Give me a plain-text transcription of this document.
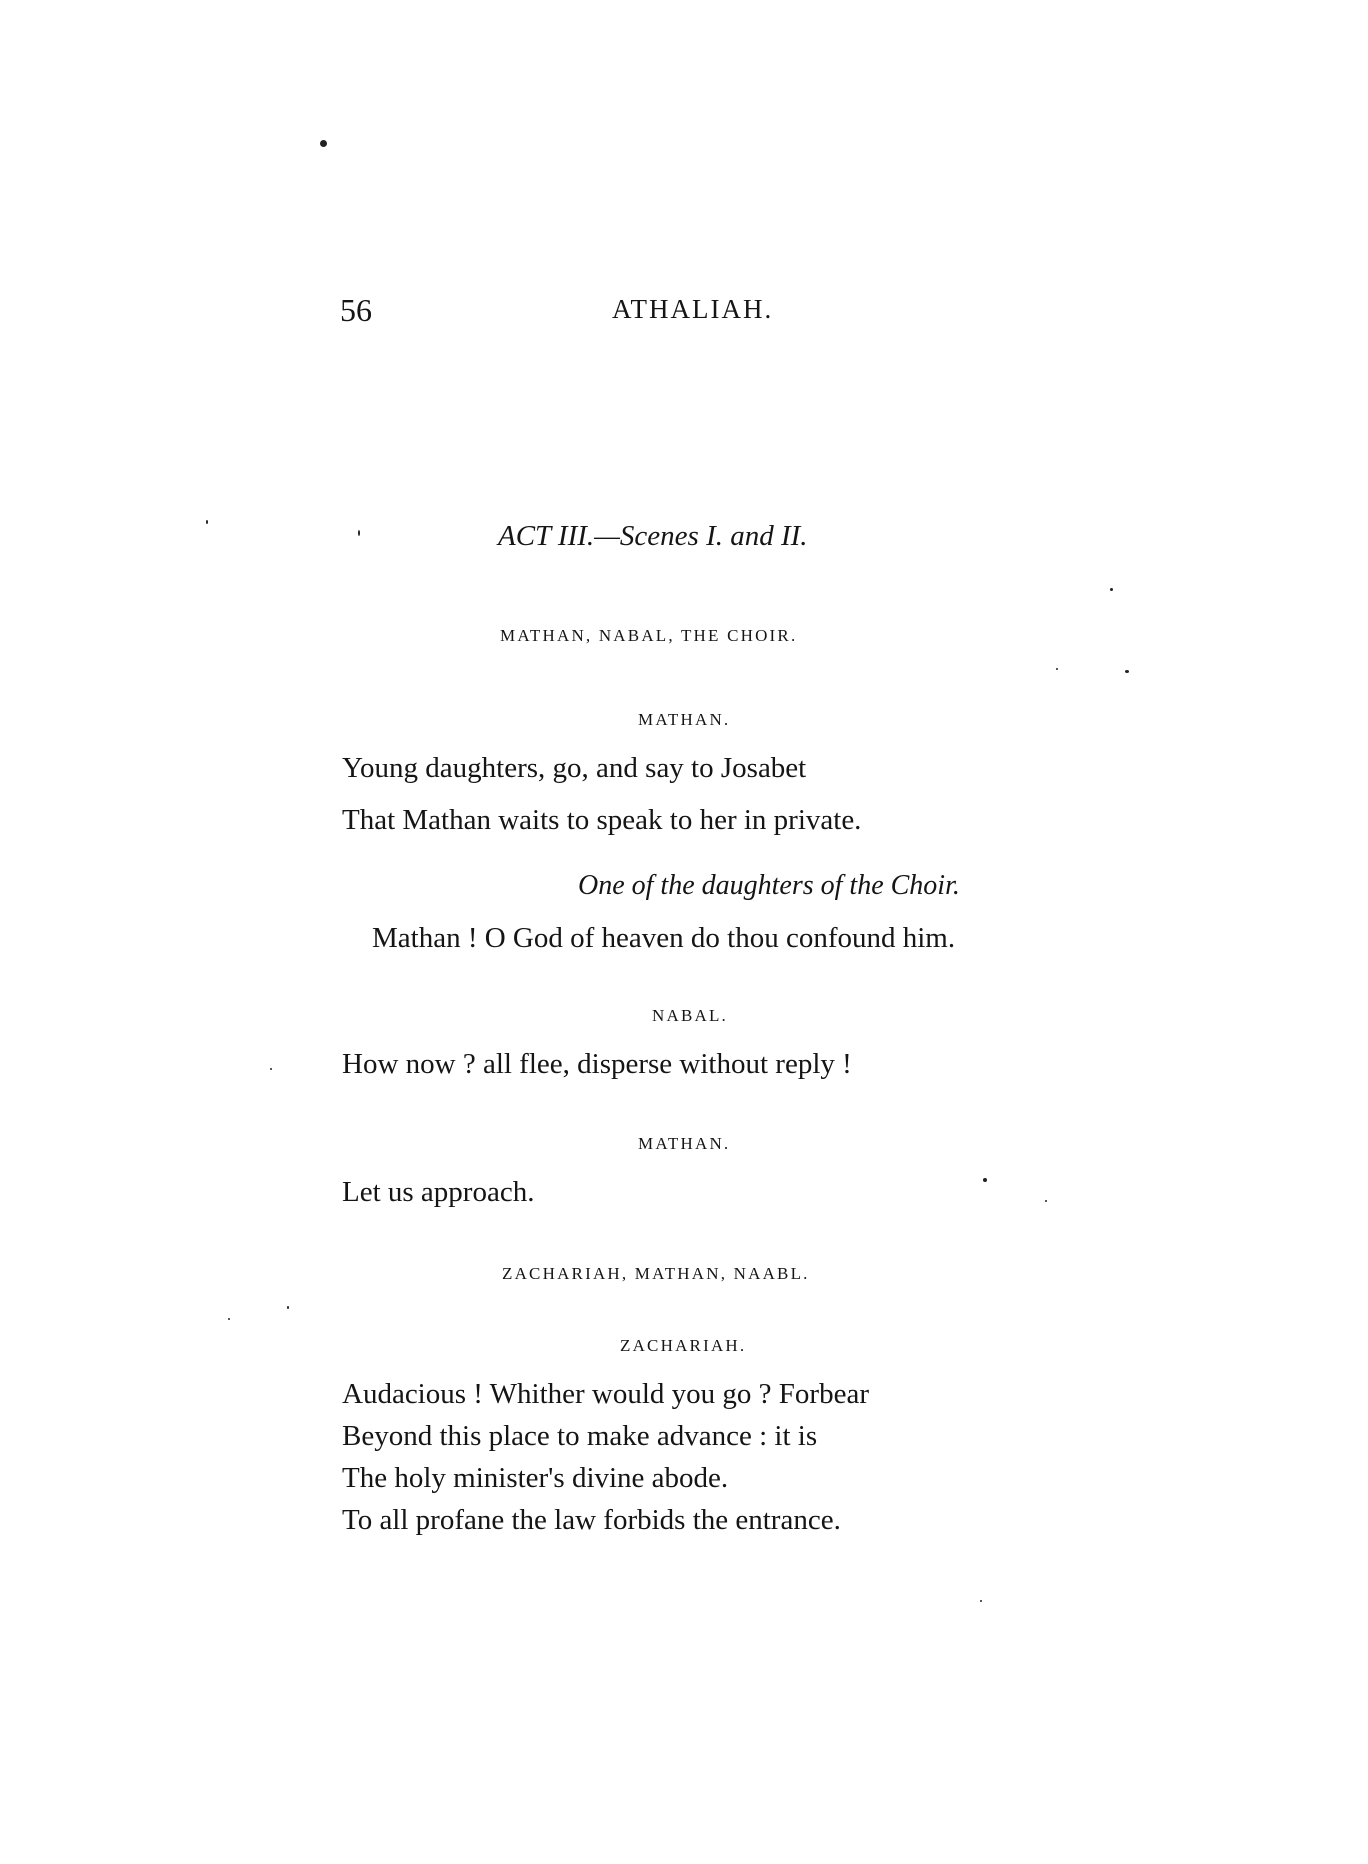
56	ATHALIAH.
ACT III.—Scenes I. and II.
MATHAN, NABAL, THE CHOIR.
MATHAN.
Young daughters, go, and say to Josabet
That Mathan waits to speak to her in private.
One of the daughters of the Choir.
Mathan ! O God of heaven do thou confound him.
NABAL.
How now ? all flee, disperse without reply !
MATHAN.
Let us approach.
ZACHARIAH, MATHAN, NAABL.
ZACHARIAH.
Audacious ! Whither would you go ? Forbear
Beyond this place to make advance : it is
The holy minister's divine abode.
To all profane the law forbids the entrance.
